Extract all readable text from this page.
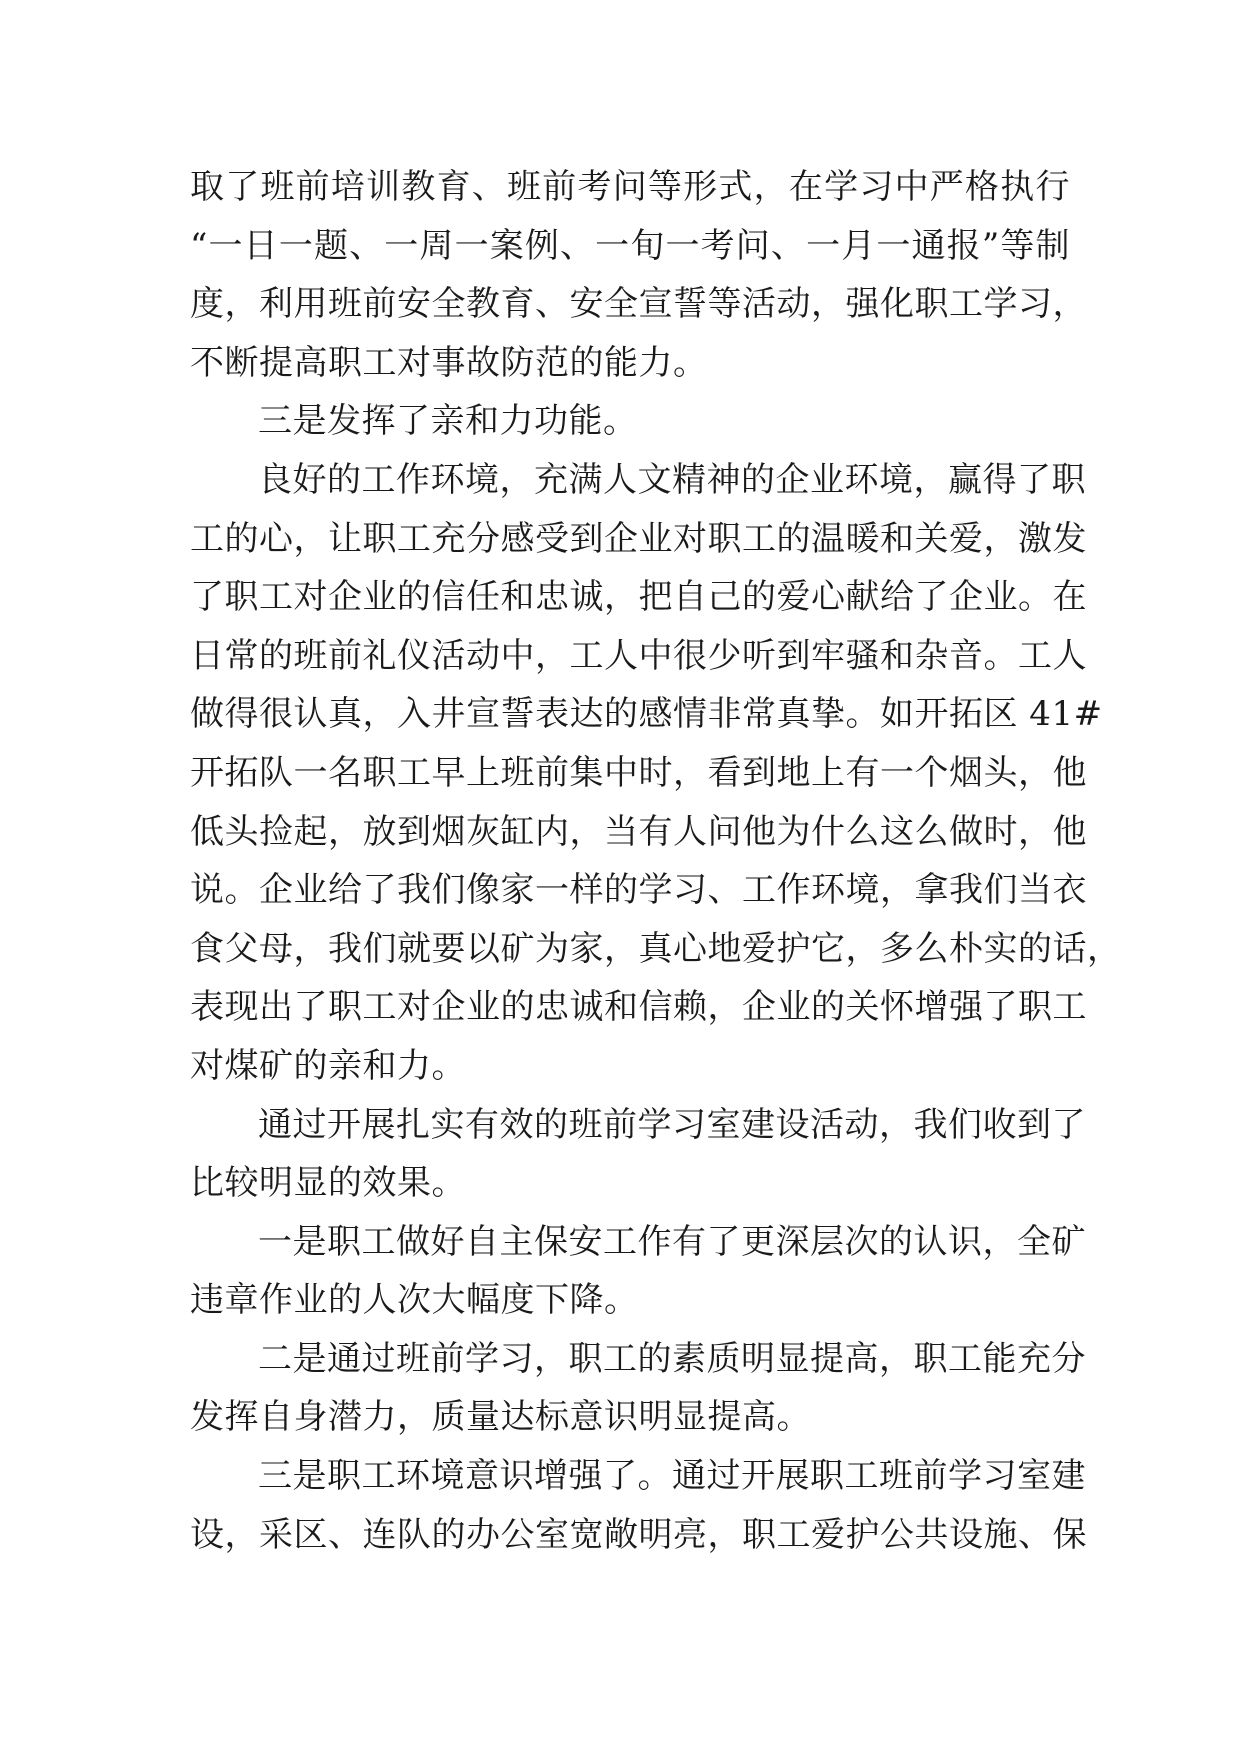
取了班前培训教育、班前考问等形式，在学习中严格执行
“一日一题、一周一案例、一旬一考问、一月一通报”等制
度，利用班前安全教育、安全宣誓等活动，强化职工学习，
不断提高职工对事故防范的能力。
三是发挥了亲和力功能。
良好的工作环境，充满人文精神的企业环境，赢得了职
工的心，让职工充分感受到企业对职工的温暖和关爱，激发
了职工对企业的信任和忠诚，把自己的爱心献给了企业。在
日常的班前礼仪活动中，工人中很少听到牢骚和杂音。工人
做得很认真，入井宣誓表达的感情非常真挚。如开拓区 41#
开拓队一名职工早上班前集中时，看到地上有一个烟头，他
低头捡起，放到烟灰缸内，当有人问他为什么这么做时，他
说。企业给了我们像家一样的学习、工作环境，拿我们当衣
食父母，我们就要以矿为家，真心地爱护它，多么朴实的话，
表现出了职工对企业的忠诚和信赖，企业的关怀增强了职工
对煤矿的亲和力。
通过开展扎实有效的班前学习室建设活动，我们收到了
比较明显的效果。
一是职工做好自主保安工作有了更深层次的认识，全矿
违章作业的人次大幅度下降。
二是通过班前学习，职工的素质明显提高，职工能充分
发挥自身潜力，质量达标意识明显提高。
三是职工环境意识增强了。通过开展职工班前学习室建
设，采区、连队的办公室宽敞明亮，职工爱护公共设施、保
